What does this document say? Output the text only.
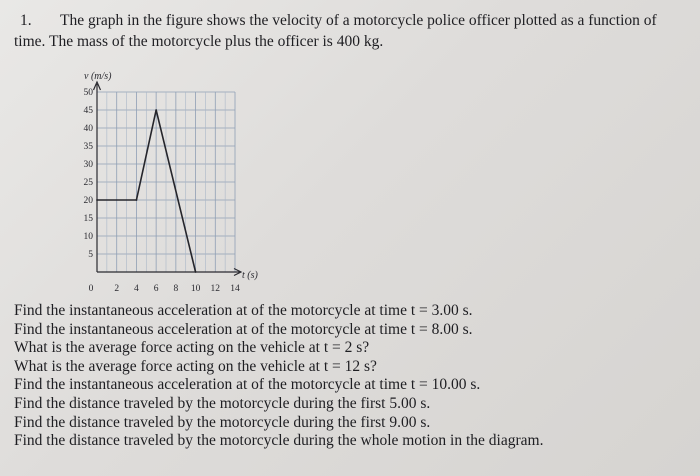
1. The graph in the figure shows the velocity of a motorcycle police officer plotted as a function of
time. The mass of the motorcycle plus the officer is 400 kg.
5
10
15
20
25
30
35
40
45
50
0 2 4 6 8 10 12 14
v (m/s)
t (s)
Find the instantaneous acceleration at of the motorcycle at time t = 3.00 s.
Find the instantaneous acceleration at of the motorcycle at time t = 8.00 s.
What is the average force acting on the vehicle at t = 2 s?
What is the average force acting on the vehicle at t = 12 s?
Find the instantaneous acceleration at of the motorcycle at time t = 10.00 s.
Find the distance traveled by the motorcycle during the first 5.00 s.
Find the distance traveled by the motorcycle during the first 9.00 s.
Find the distance traveled by the motorcycle during the whole motion in the diagram.
